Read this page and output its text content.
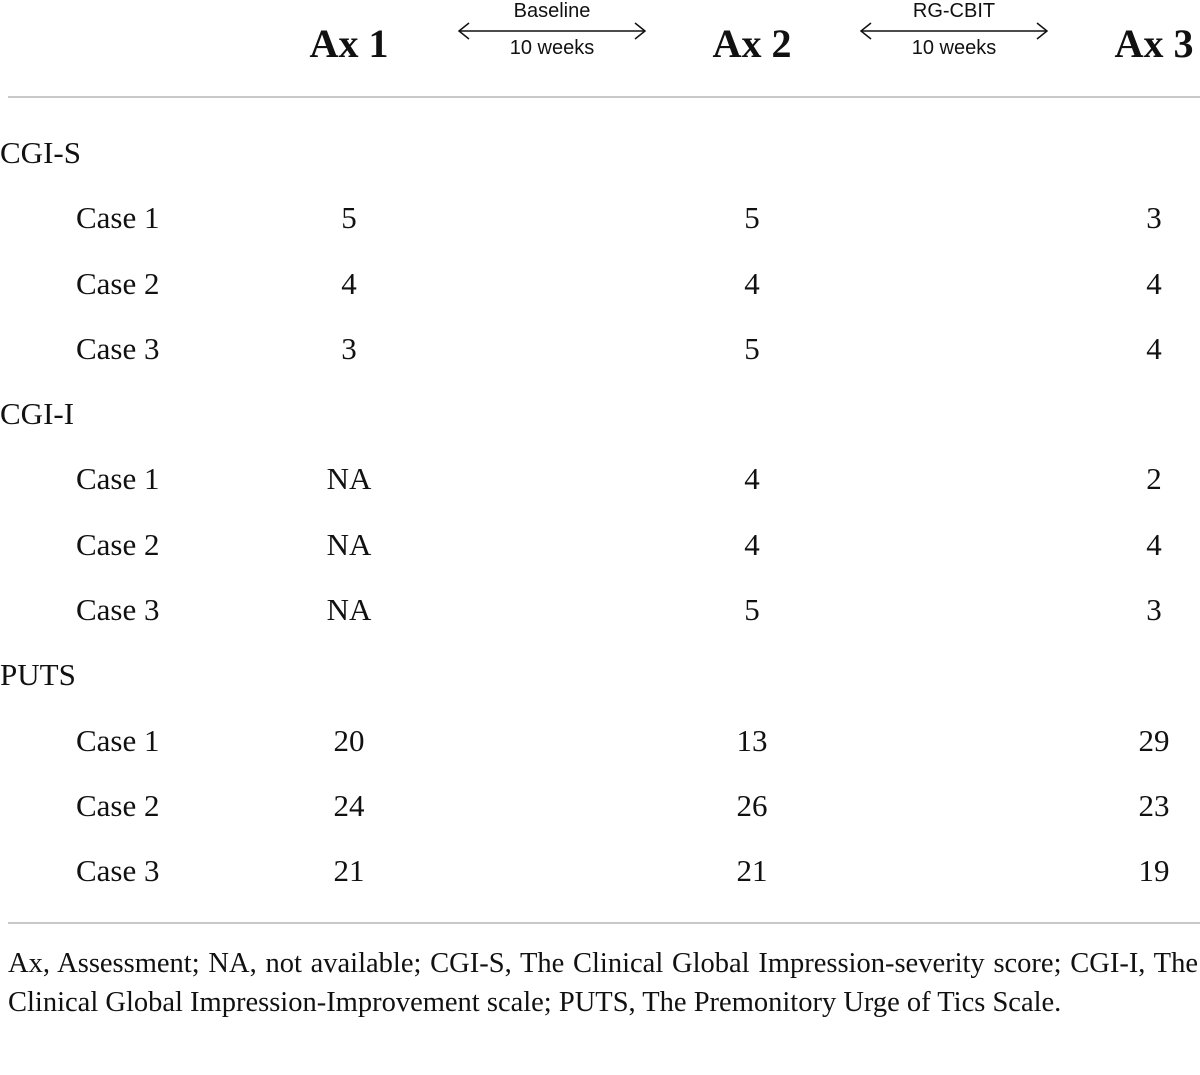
Ax 1	Ax 2	Ax 3
Baseline
10 weeks
RG-CBIT
10 weeks
CGI-S
Case 1	5	5	3
Case 2	4	4	4
Case 3	3	5	4
CGI-I
Case 1	NA	4	2
Case 2	NA	4	4
Case 3	NA	5	3
PUTS
Case 1	20	13	29
Case 2	24	26	23
Case 3	21	21	19
Ax, Assessment; NA, not available; CGI-S, The Clinical Global Impression-severity score; CGI-I, The Clinical Global Impression-Improvement scale; PUTS, The Premonitory Urge of Tics Scale.
